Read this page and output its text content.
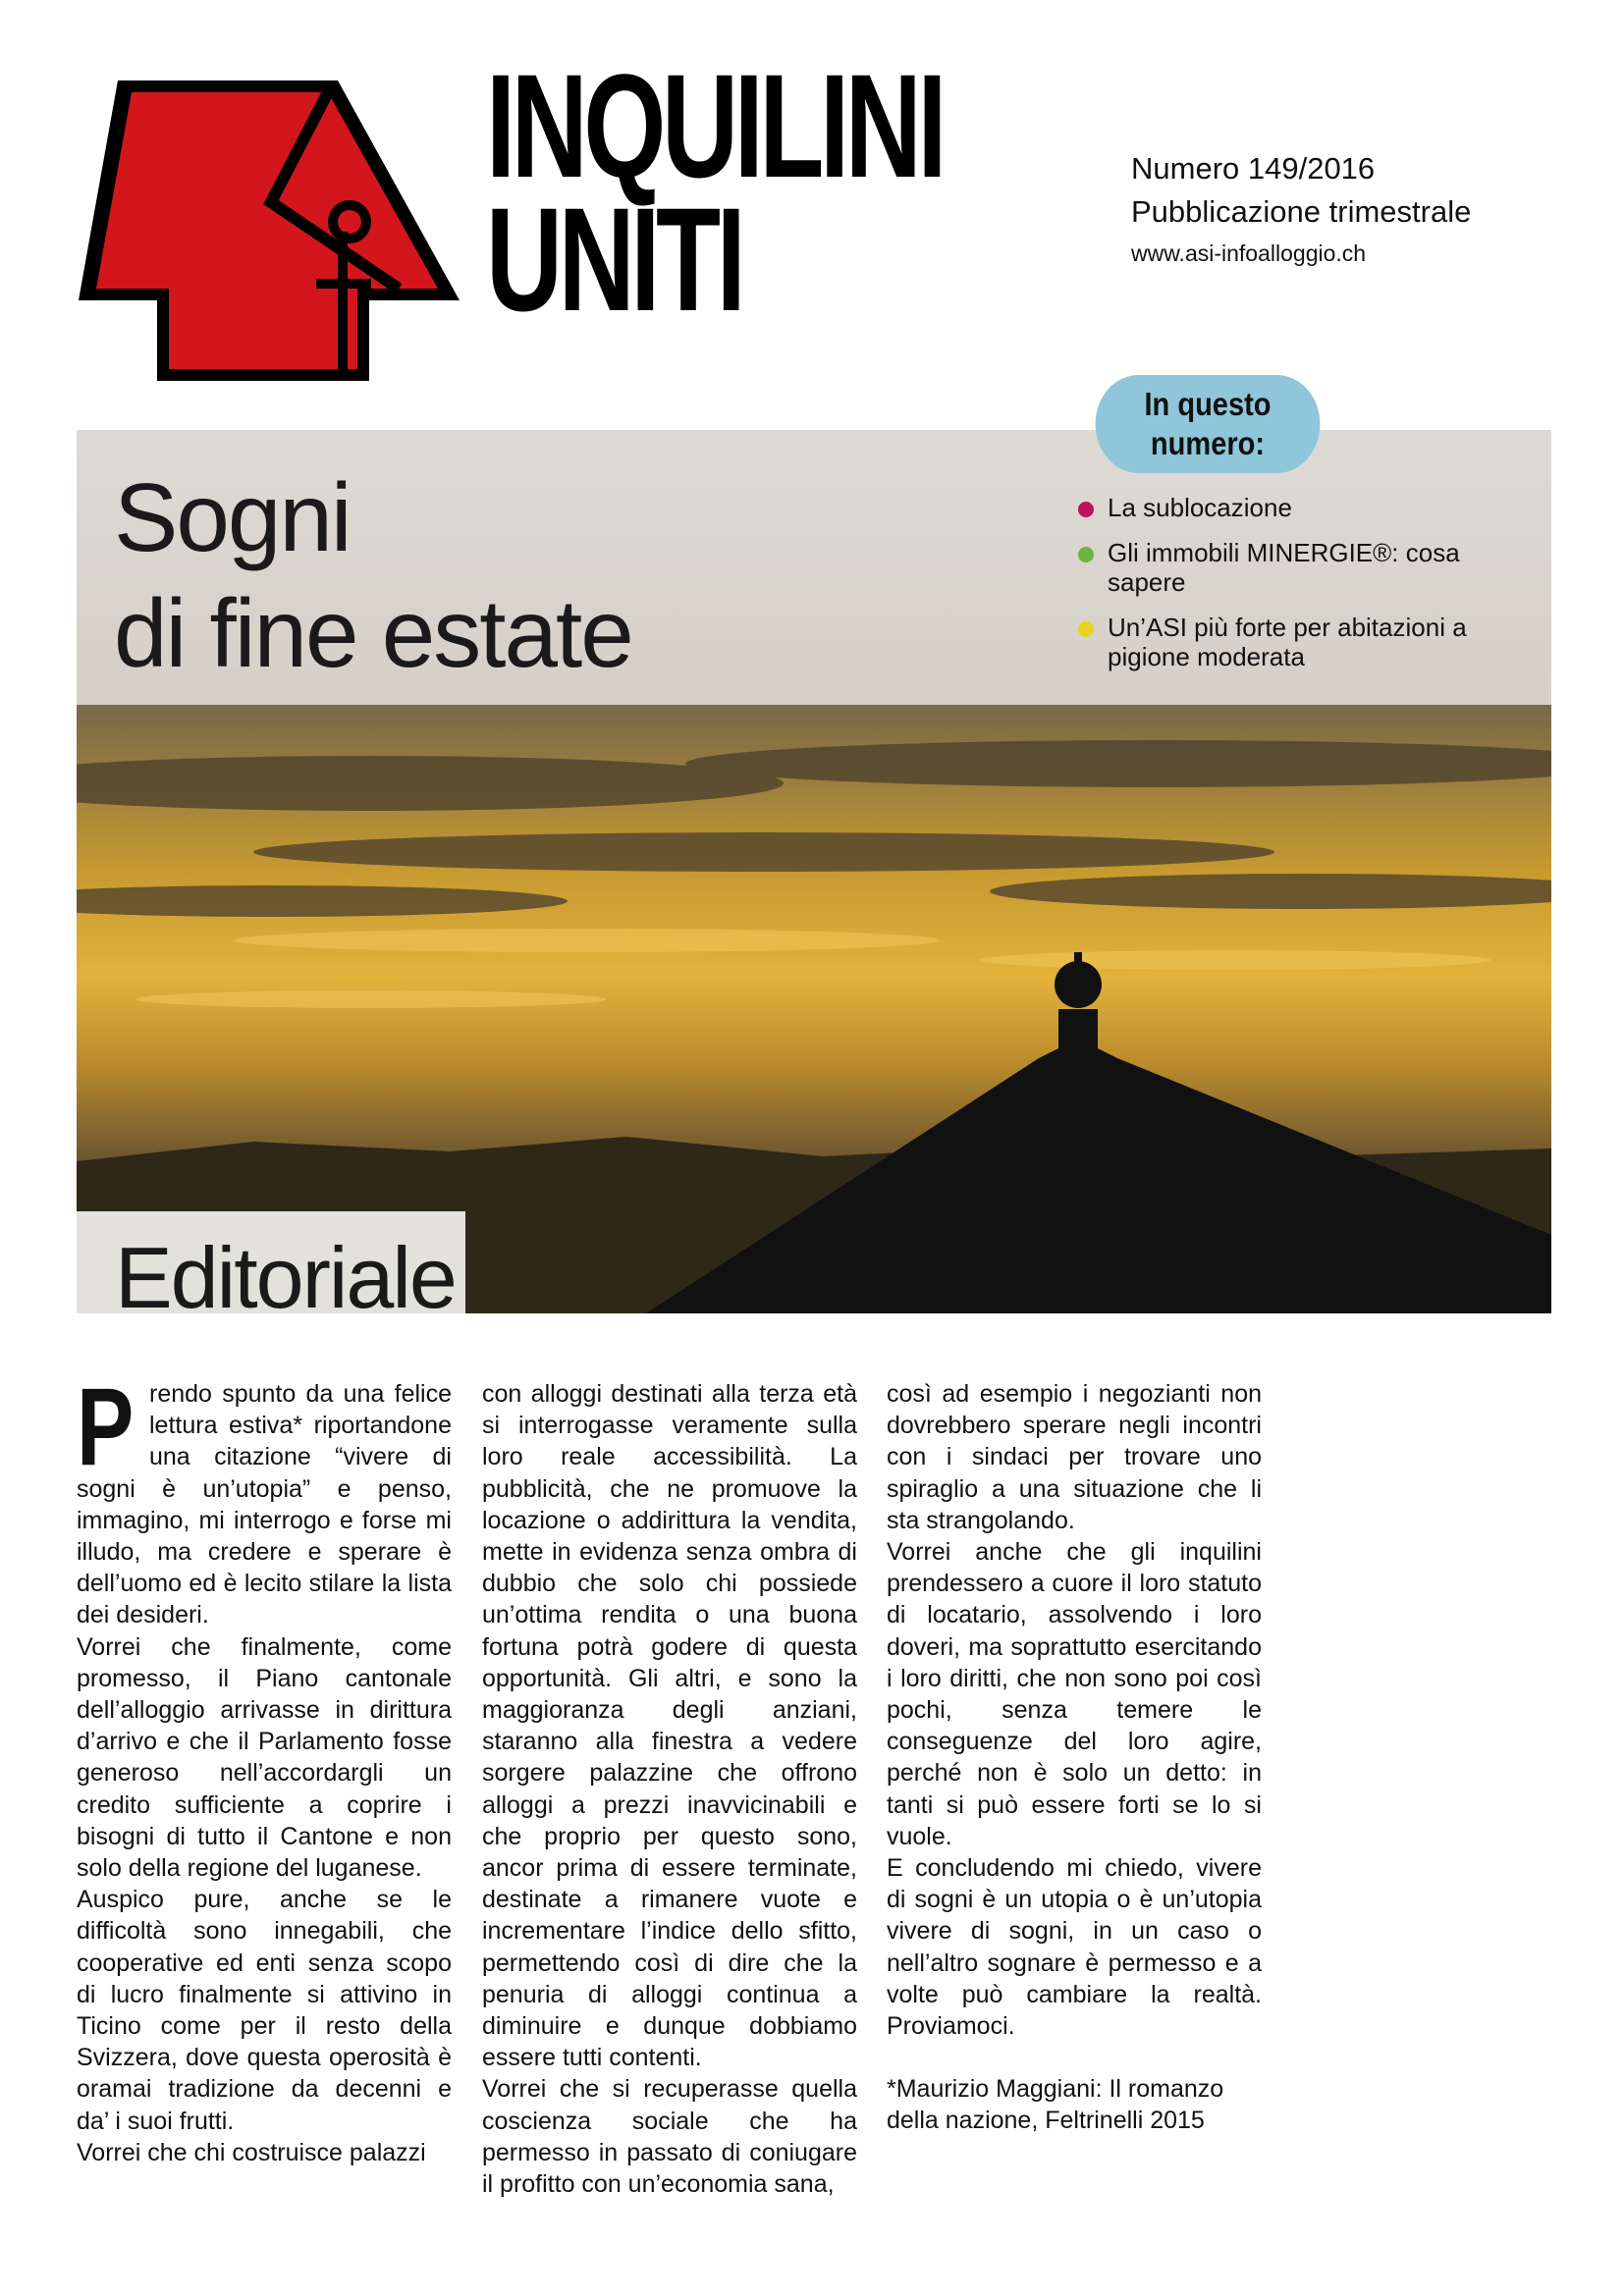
INQUILINI
UNITI
Numero 149/2016
Pubblicazione trimestrale
www.asi-infoalloggio.ch
Sogni
di fine estate
In questo
numero:
La sublocazione
Gli immobili MINERGIE®: cosa sapere
Un’ASI più forte per abitazioni a pigione moderata
Editoriale

Prendo spunto da una felice lettura estiva* riportandone una citazione “vivere di sogni è un’utopia” e penso, immagino, mi interrogo e forse mi illudo, ma credere e sperare è dell’uomo ed è lecito stilare la lista dei desideri.

Vorrei che finalmente, come promesso, il Piano cantonale dell’alloggio arrivasse in dirittura d’arrivo e che il Parlamento fosse generoso nell’accordargli un credito sufficiente a coprire i bisogni di tutto il Cantone e non solo della regione del luganese.

Auspico pure, anche se le difficoltà sono innegabili, che cooperative ed enti senza scopo di lucro finalmente si attivino in Ticino come per il resto della Svizzera, dove questa operosità è oramai tradizione da decenni e da’ i suoi frutti.

Vorrei che chi costruisce palazzi

con alloggi destinati alla terza età si interrogasse veramente sulla loro reale accessibilità. La pubblicità, che ne promuove la locazione o addirittura la vendita, mette in evidenza senza ombra di dubbio che solo chi possiede un’ottima rendita o una buona fortuna potrà godere di questa opportunità. Gli altri, e sono la maggioranza degli anziani, staranno alla finestra a vedere sorgere palazzine che offrono alloggi a prezzi inavvicinabili e che proprio per questo sono, ancor prima di essere terminate, destinate a rimanere vuote e incrementare l’indice dello sfitto, permettendo così di dire che la penuria di alloggi continua a diminuire e dunque dobbiamo essere tutti contenti.

Vorrei che si recuperasse quella coscienza sociale che ha permesso in passato di coniugare il profitto con un’economia sana,

così ad esempio i negozianti non dovrebbero sperare negli incontri con i sindaci per trovare uno spiraglio a una situazione che li sta strangolando.

Vorrei anche che gli inquilini prendessero a cuore il loro statuto di locatario, assolvendo i loro doveri, ma soprattutto esercitando i loro diritti, che non sono poi così pochi, senza temere le conseguenze del loro agire, perché non è solo un detto: in tanti si può essere forti se lo si vuole.

E concludendo mi chiedo, vivere di sogni è un utopia o è un’utopia vivere di sogni, in un caso o nell’altro sognare è permesso e a volte può cambiare la realtà. Proviamoci.

*Maurizio Maggiani: Il romanzo della nazione, Feltrinelli 2015
